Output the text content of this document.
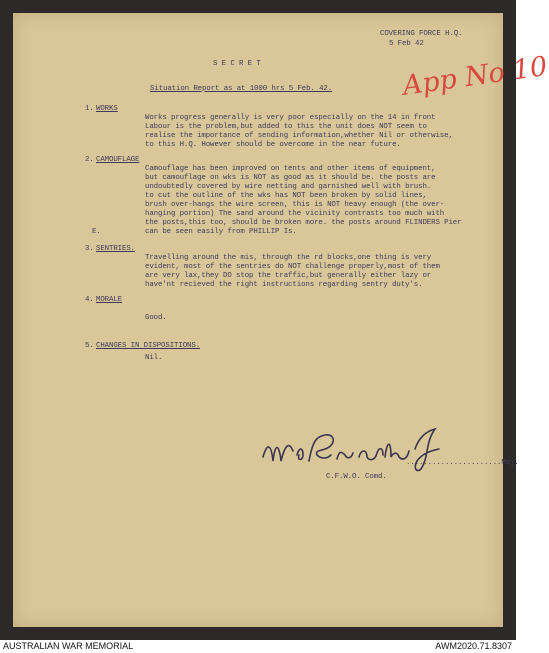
COVERING FORCE H.Q.
5 Feb 42
App No 10
S E C R E T
Situation Report as at 1000 hrs 5 Feb. 42.
1. WORKS
Works progress generally is very poor especially on the 14 in front
Labour is the problem,but added to this the unit does NOT seem to
realise the importance of sending information,whether Nil or otherwise,
to this H.Q. However should be overcome in the near future.
2. CAMOUFLAGE
Camouflage has been improved on tents and other items of equipment,
but camouflage on wks is NOT as good as it should be. the posts are
undoubtedly covered by wire netting and garnished well with brush.
to cut the outline of the wks has NOT been broken by solid lines,
brush over-hangs the wire screen, this is NOT heavy enough (the over-
hanging portion) The sand around the vicinity contrasts too much with
the posts,this too, should be broken more. the posts around FLINDERS Pier
can be seen easily from PHILLIP Is.
E.
3. SENTRIES.
Travelling around the mis, through the rd blocks,one thing is very
evident, most of the sentries do NOT challenge properly,most of them
are very lax,they DO stop the traffic,but generally either lazy or
have'nt recieved the right instructions regarding sentry duty's.
4. MORALE
Good.
5. CHANGES IN DISPOSITIONS.
Nil.
......................Maj.
C.F.W.O. Comd.
AUSTRALIAN WAR MEMORIAL	AWM2020.71.8307
